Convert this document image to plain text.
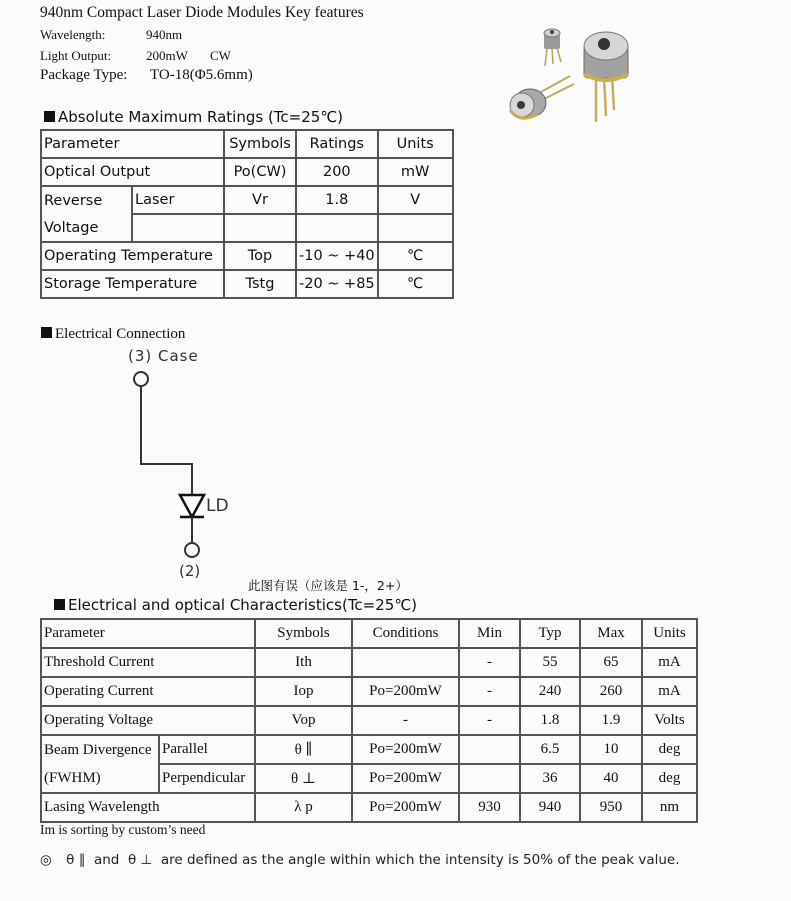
940nm Compact Laser Diode Modules Key features
Wavelength:	940nm
Light Output:	200mW CW
Package Type: TO-18(Φ5.6mm)
Absolute Maximum Ratings (Tc=25℃)
Parameter		Symbols	Ratings	Units
Optical Output		Po(CW)	200	mW
Reverse	Laser	Vr	1.8	V
Voltage				
Operating Temperature		Top	-10 ~ +40	℃
Storage Temperature		Tstg	-20 ~ +85	℃
Electrical Connection
(3) Case
LD
(2)
此图有误（应该是 1-，2+）
Electrical and optical Characteristics(Tc=25℃)
Parameter		Symbols	Conditions	Min	Typ	Max	Units
Threshold Current		Ith		-	55	65	mA
Operating Current		Iop	Po=200mW	-	240	260	mA
Operating Voltage		Vop	-	-	1.8	1.9	Volts
Beam Divergence	Parallel	θ ∥	Po=200mW		6.5	10	deg
(FWHM)	Perpendicular	θ ⊥	Po=200mW		36	40	deg
Lasing Wavelength		λ p	Po=200mW	930	940	950	nm
Im is sorting by custom’s need
◎ θ ∥  and  θ ⊥  are defined as the angle within which the intensity is 50% of the peak value.
